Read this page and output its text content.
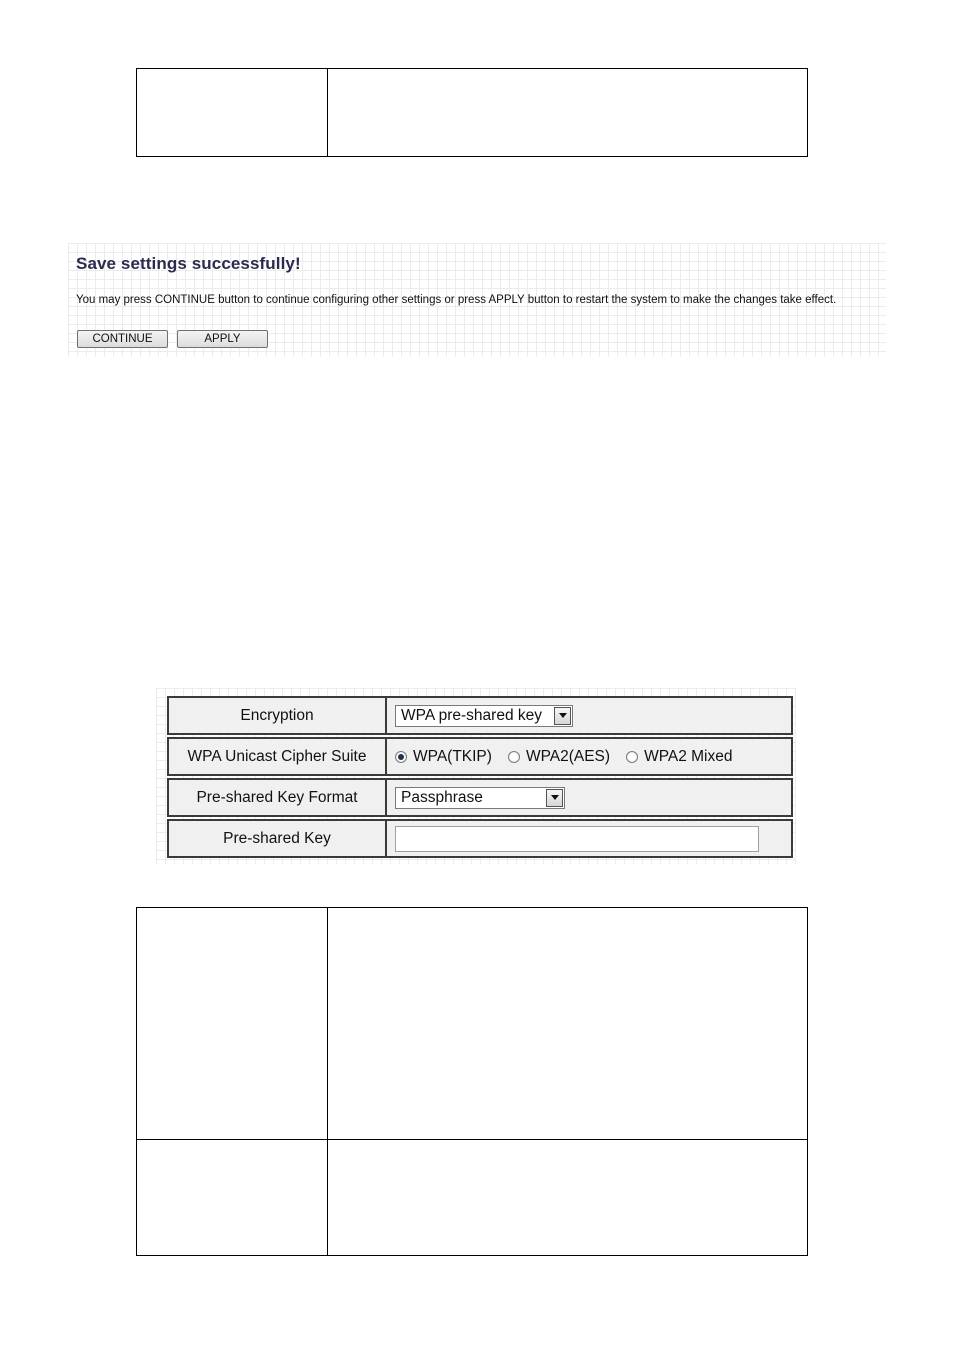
Save settings successfully!
You may press CONTINUE button to continue configuring other settings or press APPLY button to restart the system to make the changes take effect.
CONTINUE	APPLY
Encryption	WPA pre-shared key
WPA Unicast Cipher Suite	WPA(TKIP) WPA2(AES) WPA2 Mixed
Pre-shared Key Format	Passphrase
Pre-shared Key
